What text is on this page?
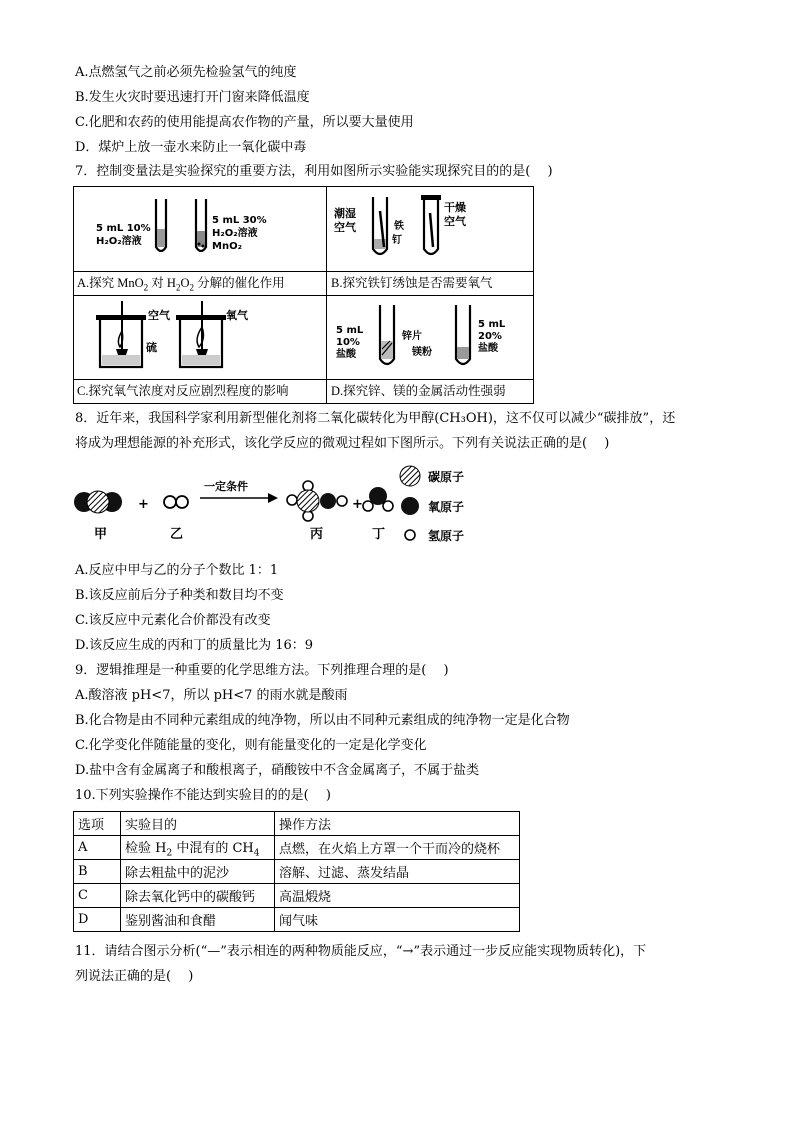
A.点燃氢气之前必须先检验氢气的纯度
B.发生火灾时要迅速打开门窗来降低温度
C.化肥和农药的使用能提高农作物的产量，所以要大量使用
D．煤炉上放一壶水来防止一氧化碳中毒
7．控制变量法是实验探究的重要方法，利用如图所示实验能实现探究目的的是(　 )
5 mL 10%
H₂O₂溶液
5 mL 30%
H₂O₂溶液
MnO₂
A.探究 MnO$_2$ 对 $H_2O_2$ 分解的催化作用
潮湿
空气
干燥
空气
铁
钉
B.探究铁钉绣蚀是否需要氧气
空气
硫
氧气
C.探究氧气浓度对反应剧烈程度的影响
5 mL
10%
盐酸
锌片
镁粉
5 mL
20%
盐酸
D.探究锌、镁的金属活动性强弱
8．近年来，我国科学家利用新型催化剂将二氧化碳转化为甲醇(CH₃OH)，这不仅可以减少“碳排放”，还
将成为理想能源的补充形式，该化学反应的微观过程如下图所示。下列有关说法正确的是(　 )
甲
+
乙
一定条件
丙
+
丁
碳原子
氧原子
氢原子
A.反应中甲与乙的分子个数比 1：1
B.该反应前后分子种类和数目均不变
C.该反应中元素化合价都没有改变
D.该反应生成的丙和丁的质量比为 16：9
9．逻辑推理是一种重要的化学思维方法。下列推理合理的是(　 )
A.酸溶液 pH<7，所以 pH<7 的雨水就是酸雨
B.化合物是由不同种元素组成的纯净物，所以由不同种元素组成的纯净物一定是化合物
C.化学变化伴随能量的变化，则有能量变化的一定是化学变化
D.盐中含有金属离子和酸根离子，硝酸铵中不含金属离子，不属于盐类
10.下列实验操作不能达到实验目的的是(　 )
选项	实验目的	操作方法
A	检验 $H_2$ 中混有的 $CH_4$	点燃，在火焰上方罩一个干而冷的烧杯
B	除去粗盐中的泥沙	溶解、过滤、蒸发结晶
C	除去氧化钙中的碳酸钙	高温煅烧
D	鉴别酱油和食醋	闻气味
11．请结合图示分析(“—”表示相连的两种物质能反应，“→”表示通过一步反应能实现物质转化)，下
列说法正确的是(　 )
